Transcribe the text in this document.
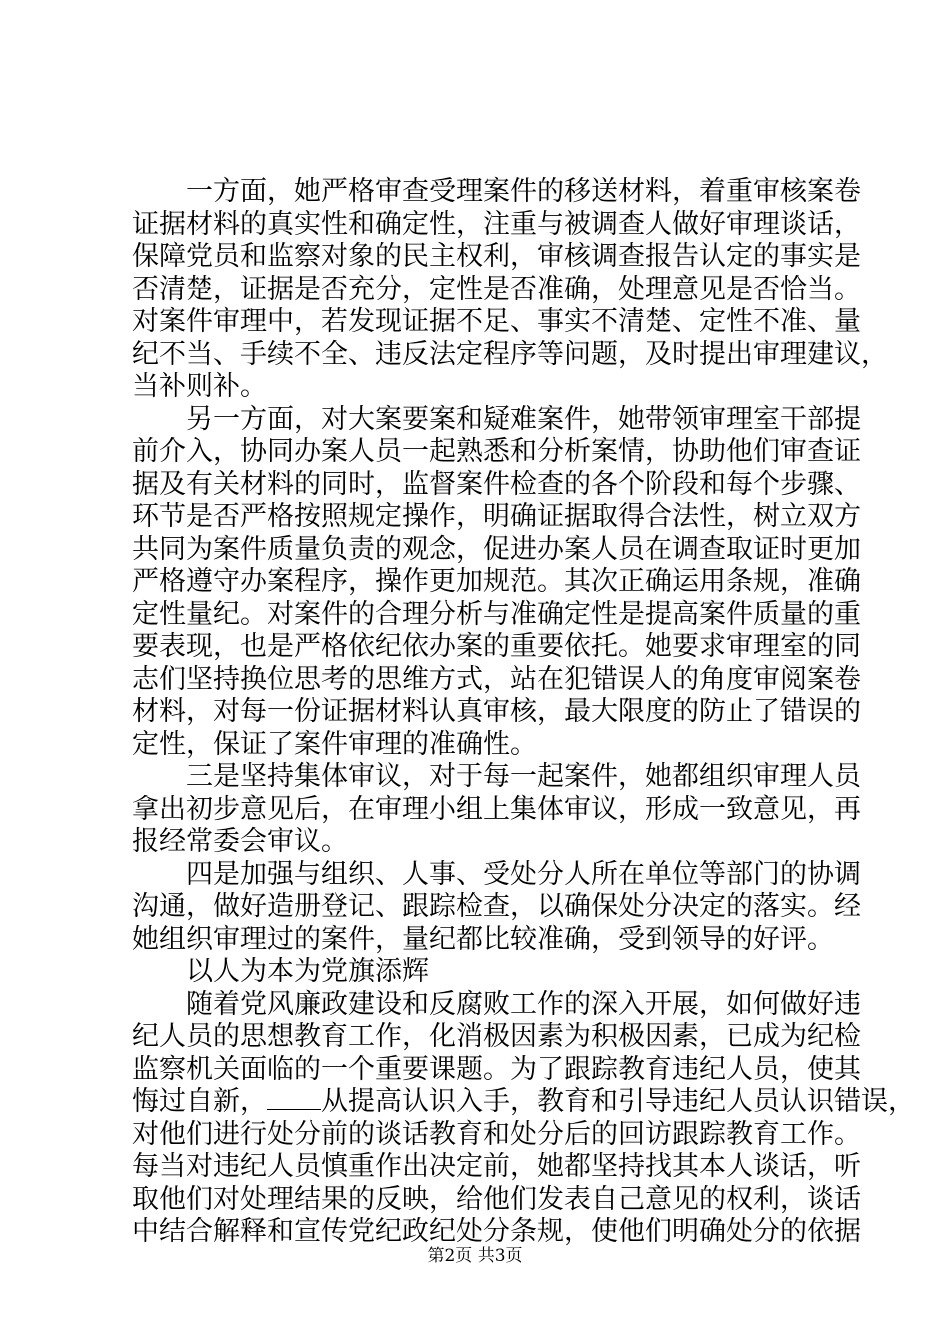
一方面，她严格审查受理案件的移送材料，着重审核案卷
证据材料的真实性和确定性，注重与被调查人做好审理谈话，
保障党员和监察对象的民主权利，审核调查报告认定的事实是
否清楚，证据是否充分，定性是否准确，处理意见是否恰当。
对案件审理中，若发现证据不足、事实不清楚、定性不准、量
纪不当、手续不全、违反法定程序等问题，及时提出审理建议，
当补则补。
另一方面，对大案要案和疑难案件，她带领审理室干部提
前介入，协同办案人员一起熟悉和分析案情，协助他们审查证
据及有关材料的同时，监督案件检查的各个阶段和每个步骤、
环节是否严格按照规定操作，明确证据取得合法性，树立双方
共同为案件质量负责的观念，促进办案人员在调查取证时更加
严格遵守办案程序，操作更加规范。其次正确运用条规，准确
定性量纪。对案件的合理分析与准确定性是提高案件质量的重
要表现，也是严格依纪依办案的重要依托。她要求审理室的同
志们坚持换位思考的思维方式，站在犯错误人的角度审阅案卷
材料，对每一份证据材料认真审核，最大限度的防止了错误的
定性，保证了案件审理的准确性。
三是坚持集体审议，对于每一起案件，她都组织审理人员
拿出初步意见后，在审理小组上集体审议，形成一致意见，再
报经常委会审议。
四是加强与组织、人事、受处分人所在单位等部门的协调
沟通，做好造册登记、跟踪检查，以确保处分决定的落实。经
她组织审理过的案件，量纪都比较准确，受到领导的好评。
以人为本为党旗添辉
随着党风廉政建设和反腐败工作的深入开展，如何做好违
纪人员的思想教育工作，化消极因素为积极因素，已成为纪检
监察机关面临的一个重要课题。为了跟踪教育违纪人员，使其
悔过自新， 从提高认识入手，教育和引导违纪人员认识错误，
对他们进行处分前的谈话教育和处分后的回访跟踪教育工作。
每当对违纪人员慎重作出决定前，她都坚持找其本人谈话，听
取他们对处理结果的反映，给他们发表自己意见的权利，谈话
中结合解释和宣传党纪政纪处分条规，使他们明确处分的依据
第2页 共3页
